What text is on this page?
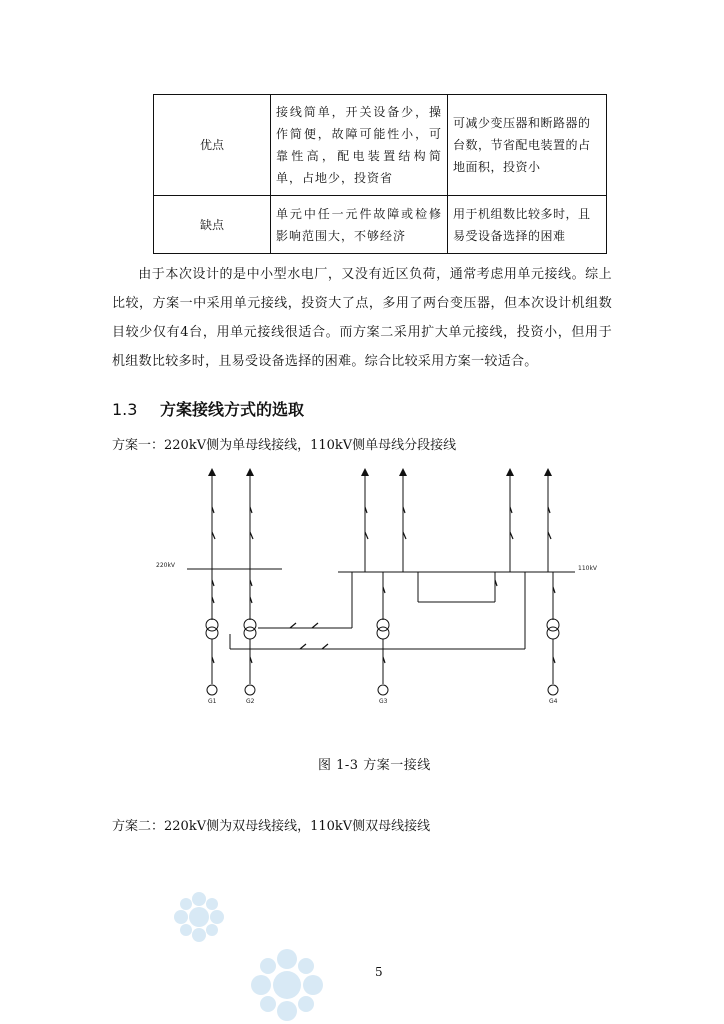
优点	接线简单，开关设备少，操作简便，故障可能性小，可靠性高，配电装置结构简单，占地少，投资省	可减少变压器和断路器的台数，节省配电装置的占地面积，投资小
缺点	单元中任一元件故障或检修影响范围大，不够经济	用于机组数比较多时，且易受设备选择的困难
由于本次设计的是中小型水电厂，又没有近区负荷，通常考虑用单元接线。综上比较，方案一中采用单元接线，投资大了点，多用了两台变压器，但本次设计机组数目较少仅有4台，用单元接线很适合。而方案二采用扩大单元接线，投资小，但用于机组数比较多时，且易受设备选择的困难。综合比较采用方案一较适合。
1.3 方案接线方式的选取
方案一：220kV侧为单母线接线，110kV侧单母线分段接线
220kV	110kV
G1	G2	G3	G4
图 1-3 方案一接线
方案二：220kV侧为双母线接线，110kV侧双母线接线
5
